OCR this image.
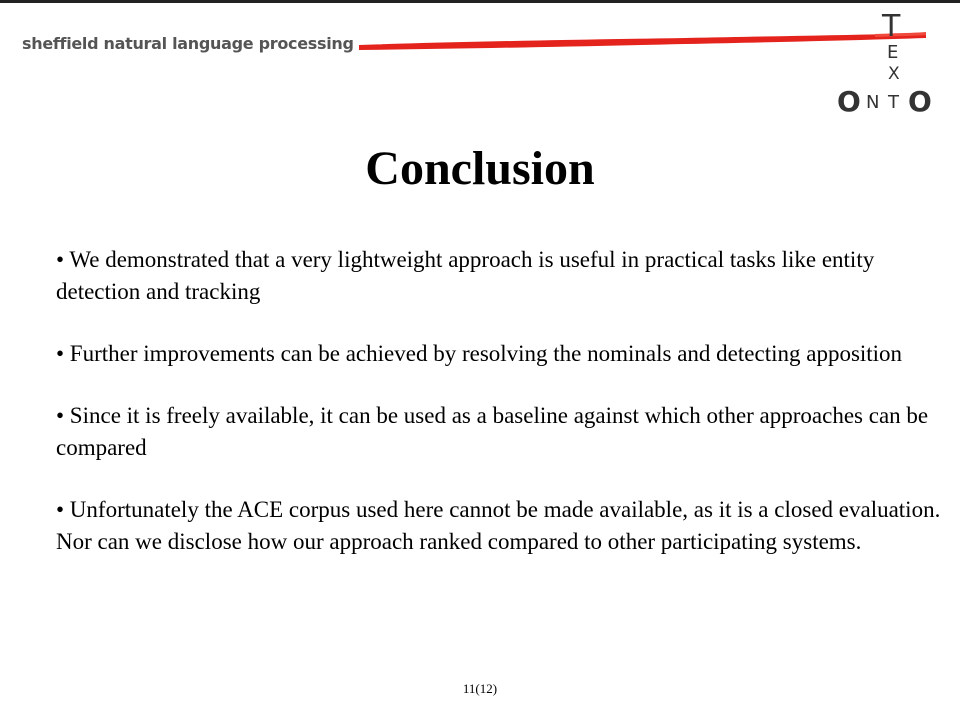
sheffield natural language processing	T
E
X
O N T O
Conclusion

• We demonstrated that a very lightweight approach is useful in practical tasks like entity detection and tracking

• Further improvements can be achieved by resolving the nominals and detecting apposition

• Since it is freely available, it can be used as a baseline against which other approaches can be compared

• Unfortunately the ACE corpus used here cannot be made available, as it is a closed evaluation. Nor can we disclose how our approach ranked compared to other participating systems.

11(12)
